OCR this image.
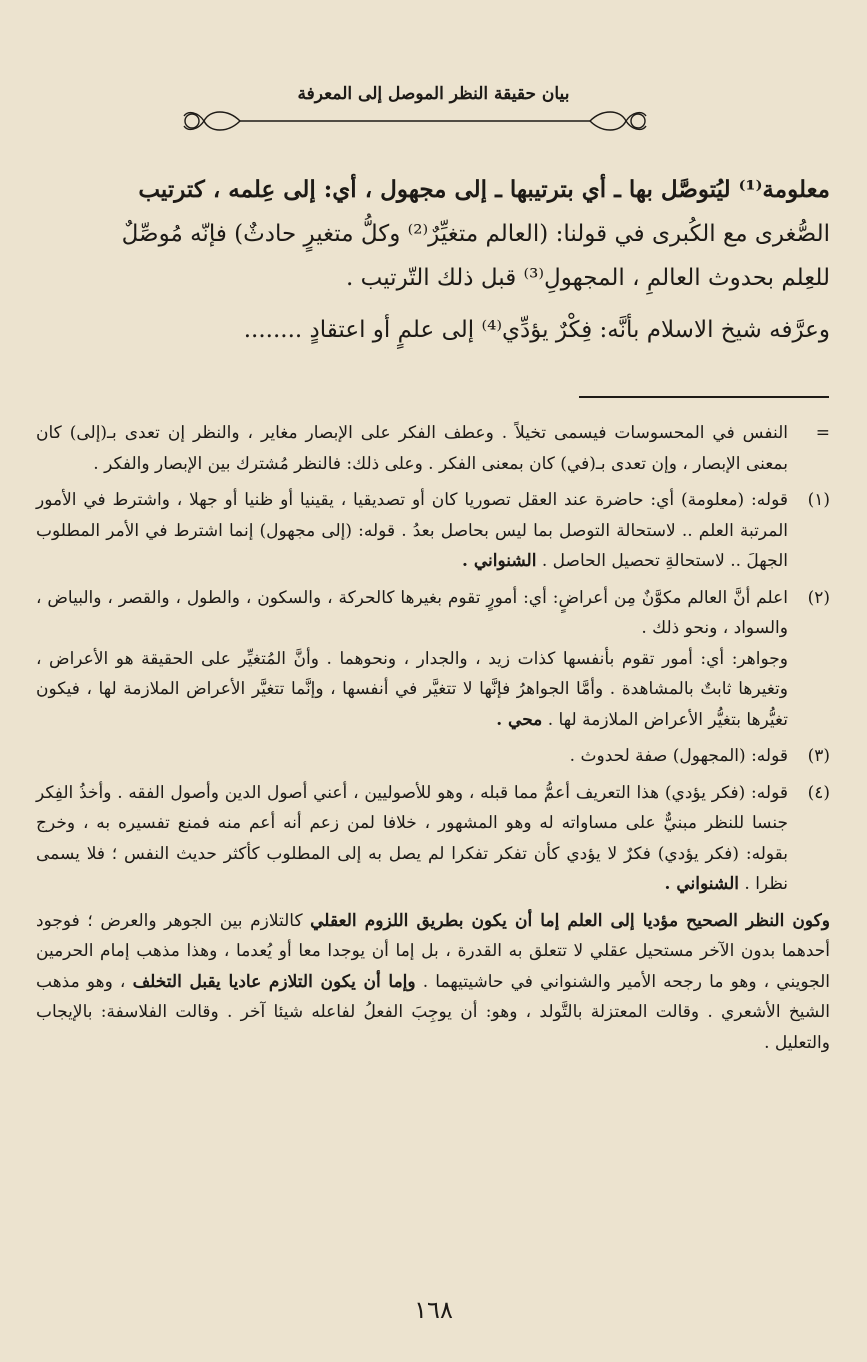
بيان حقيقة النظر الموصل إلى المعرفة

معلومة⁽¹⁾ ليُتوصَّل بها ـ أي بترتيبها ـ إلى مجهول ، أي: إلى عِلمه ، كترتيب

الصُّغرى مع الكُبرى في قولنا: (العالم متغيِّرٌ⁽²⁾ وكلُّ متغيرٍ حادثٌ) فإنّه مُوصِّلٌ

للعِلم بحدوث العالمِ ، المجهولِ⁽³⁾ قبل ذلك التّرتيب .

وعرَّفه شيخ الاسلام بأنَّه: فِكْرٌ يؤدِّي⁽⁴⁾ إلى علمٍ أو اعتقادٍ ........

=

النفس في المحسوسات فيسمى تخيلاً . وعطف الفكر على الإبصار مغاير ، والنظر إن تعدى بـ(إلى) كان بمعنى الإبصار ، وإن تعدى بـ(في) كان بمعنى الفكر . وعلى ذلك: فالنظر مُشترك بين الإبصار والفكر .

(١)
قوله: (معلومة) أي: حاضرة عند العقل تصوريا كان أو تصديقيا ، يقينيا أو ظنيا أو جهلا ، واشترط في الأمور المرتبة العلم .. لاستحالة التوصل بما ليس بحاصل بعدُ . قوله: (إلى مجهول) إنما اشترط في الأمر المطلوب الجهلَ .. لاستحالةِ تحصيل الحاصل . الشنواني .
(٢)

اعلم أنَّ العالم مكوَّنٌ مِن أعراضٍ: أي: أمورٍ تقوم بغيرها كالحركة ، والسكون ، والطول ، والقصر ، والبياض ، والسواد ، ونحو ذلك .

وجواهر: أي: أمور تقوم بأنفسها كذات زيد ، والجدار ، ونحوهما . وأنَّ المُتغيِّر على الحقيقة هو الأعراض ، وتغيرها ثابتٌ بالمشاهدة . وأمَّا الجواهرُ فإنَّها لا تتغيَّر في أنفسها ، وإنَّما تتغيَّر الأعراض الملازمة لها ، فيكون تغيُّرها بتغيُّر الأعراض الملازمة لها . محي .

(٣)

قوله: (المجهول) صفة لحدوث .

(٤)
قوله: (فكر يؤدي) هذا التعريف أعمُّ مما قبله ، وهو للأصوليين ، أعني أصول الدين وأصول الفقه . وأخذُ الفِكر جنسا للنظر مبنيٌّ على مساواته له وهو المشهور ، خلافا لمن زعم أنه أعم منه فمنع تفسيره به ، وخرج بقوله: (فكر يؤدي) فكرٌ لا يؤدي كأن تفكر تفكرا لم يصل به إلى المطلوب كأكثر حديث النفس ؛ فلا يسمى نظرا . الشنواني .

وكون النظر الصحيح مؤديا إلى العلم إما أن يكون بطريق اللزوم العقلي كالتلازم بين الجوهر والعرض ؛ فوجود أحدهما بدون الآخر مستحيل عقلي لا تتعلق به القدرة ، بل إما أن يوجدا معا أو يُعدما ، وهذا مذهب إمام الحرمين الجويني ، وهو ما رجحه الأمير والشنواني في حاشيتيهما . وإما أن يكون التلازم عاديا يقبل التخلف ، وهو مذهب الشيخ الأشعري . وقالت المعتزلة بالتَّولد ، وهو: أن يوجِبَ الفعلُ لفاعله شيئا آخر . وقالت الفلاسفة: بالإيجاب والتعليل .

١٦٨
